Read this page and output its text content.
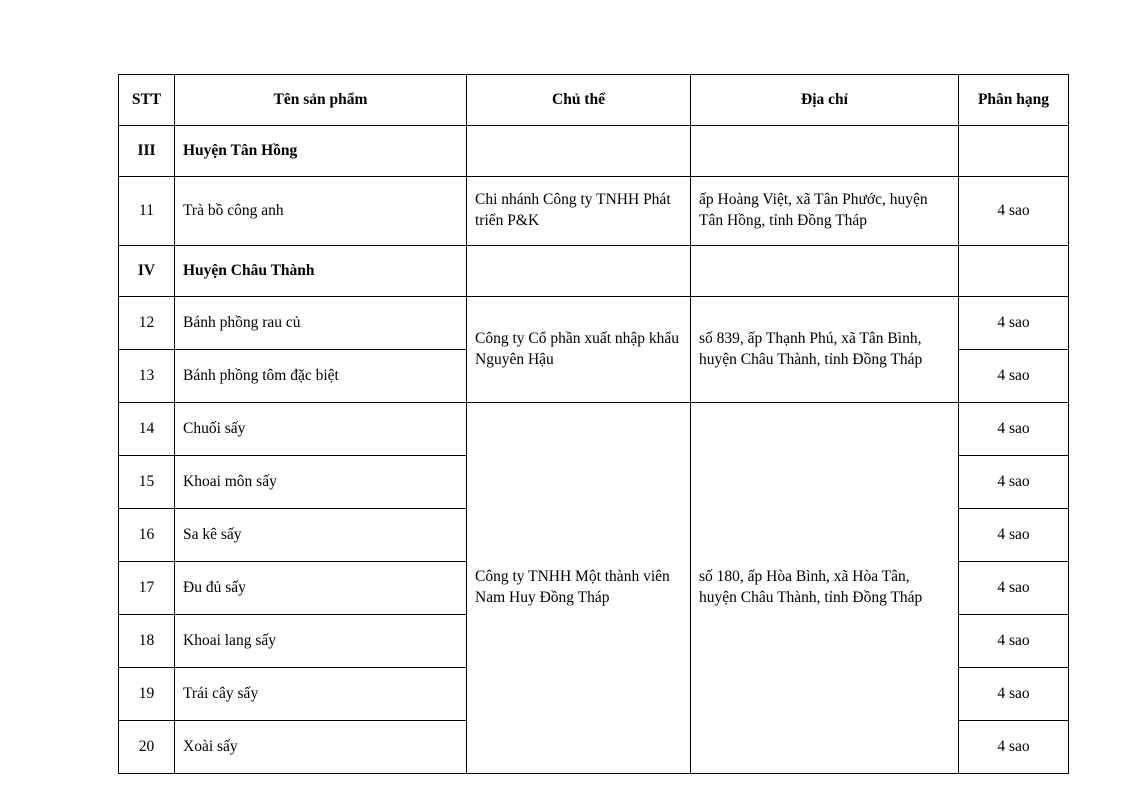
STT	Tên sản phẩm	Chủ thể	Địa chỉ	Phân hạng
III	Huyện Tân Hồng			
11	Trà bồ công anh	Chi nhánh Công ty TNHH Phát triển P&K	ấp Hoàng Việt, xã Tân Phước, huyện Tân Hồng, tỉnh Đồng Tháp	4 sao
IV	Huyện Châu Thành			
12	Bánh phồng rau củ	Công ty Cổ phần xuất nhập khẩu Nguyên Hậu	số 839, ấp Thạnh Phú, xã Tân Bình, huyện Châu Thành, tỉnh Đồng Tháp	4 sao
13	Bánh phồng tôm đặc biệt			4 sao
14	Chuối sấy	Công ty TNHH Một thành viên Nam Huy Đồng Tháp	số 180, ấp Hòa Bình, xã Hòa Tân, huyện Châu Thành, tỉnh Đồng Tháp	4 sao
15	Khoai môn sấy			4 sao
16	Sa kê sấy			4 sao
17	Đu đủ sấy			4 sao
18	Khoai lang sấy			4 sao
19	Trái cây sấy			4 sao
20	Xoài sấy			4 sao
